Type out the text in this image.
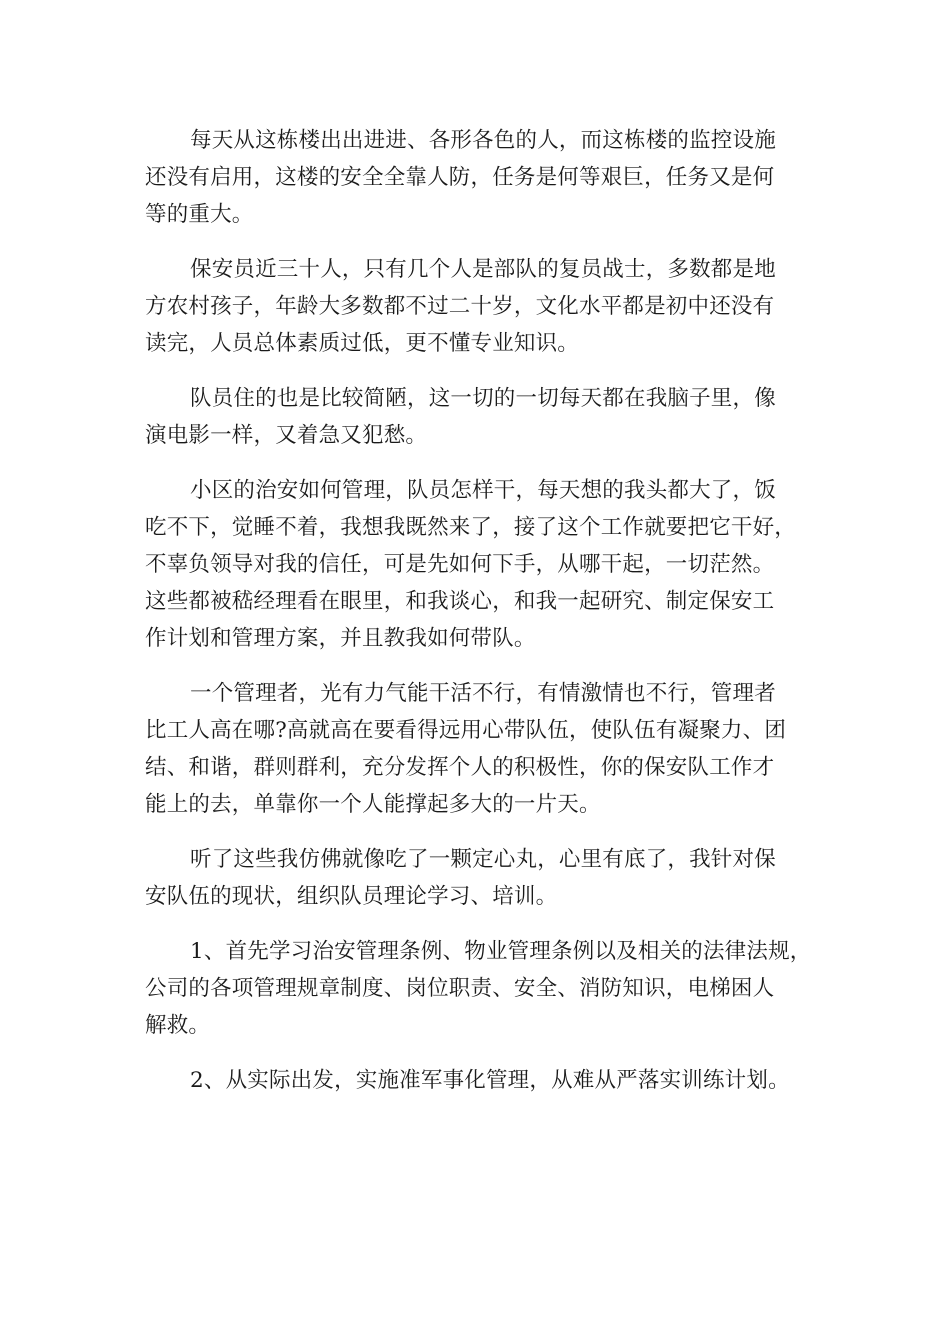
每天从这栋楼出出进进、各形各色的人，而这栋楼的监控设施
还没有启用，这楼的安全全靠人防，任务是何等艰巨，任务又是何
等的重大。

保安员近三十人，只有几个人是部队的复员战士，多数都是地
方农村孩子，年龄大多数都不过二十岁，文化水平都是初中还没有
读完，人员总体素质过低，更不懂专业知识。

队员住的也是比较简陋，这一切的一切每天都在我脑子里，像
演电影一样，又着急又犯愁。

小区的治安如何管理，队员怎样干，每天想的我头都大了，饭
吃不下，觉睡不着，我想我既然来了，接了这个工作就要把它干好，
不辜负领导对我的信任，可是先如何下手，从哪干起，一切茫然。
这些都被嵇经理看在眼里，和我谈心，和我一起研究、制定保安工
作计划和管理方案，并且教我如何带队。

一个管理者，光有力气能干活不行，有情激情也不行，管理者
比工人高在哪?高就高在要看得远用心带队伍，使队伍有凝聚力、团
结、和谐，群则群利，充分发挥个人的积极性，你的保安队工作才
能上的去，单靠你一个人能撑起多大的一片天。

听了这些我仿佛就像吃了一颗定心丸，心里有底了，我针对保
安队伍的现状，组织队员理论学习、培训。

1、首先学习治安管理条例、物业管理条例以及相关的法律法规，
公司的各项管理规章制度、岗位职责、安全、消防知识，电梯困人
解救。

2、从实际出发，实施准军事化管理，从难从严落实训练计划。
